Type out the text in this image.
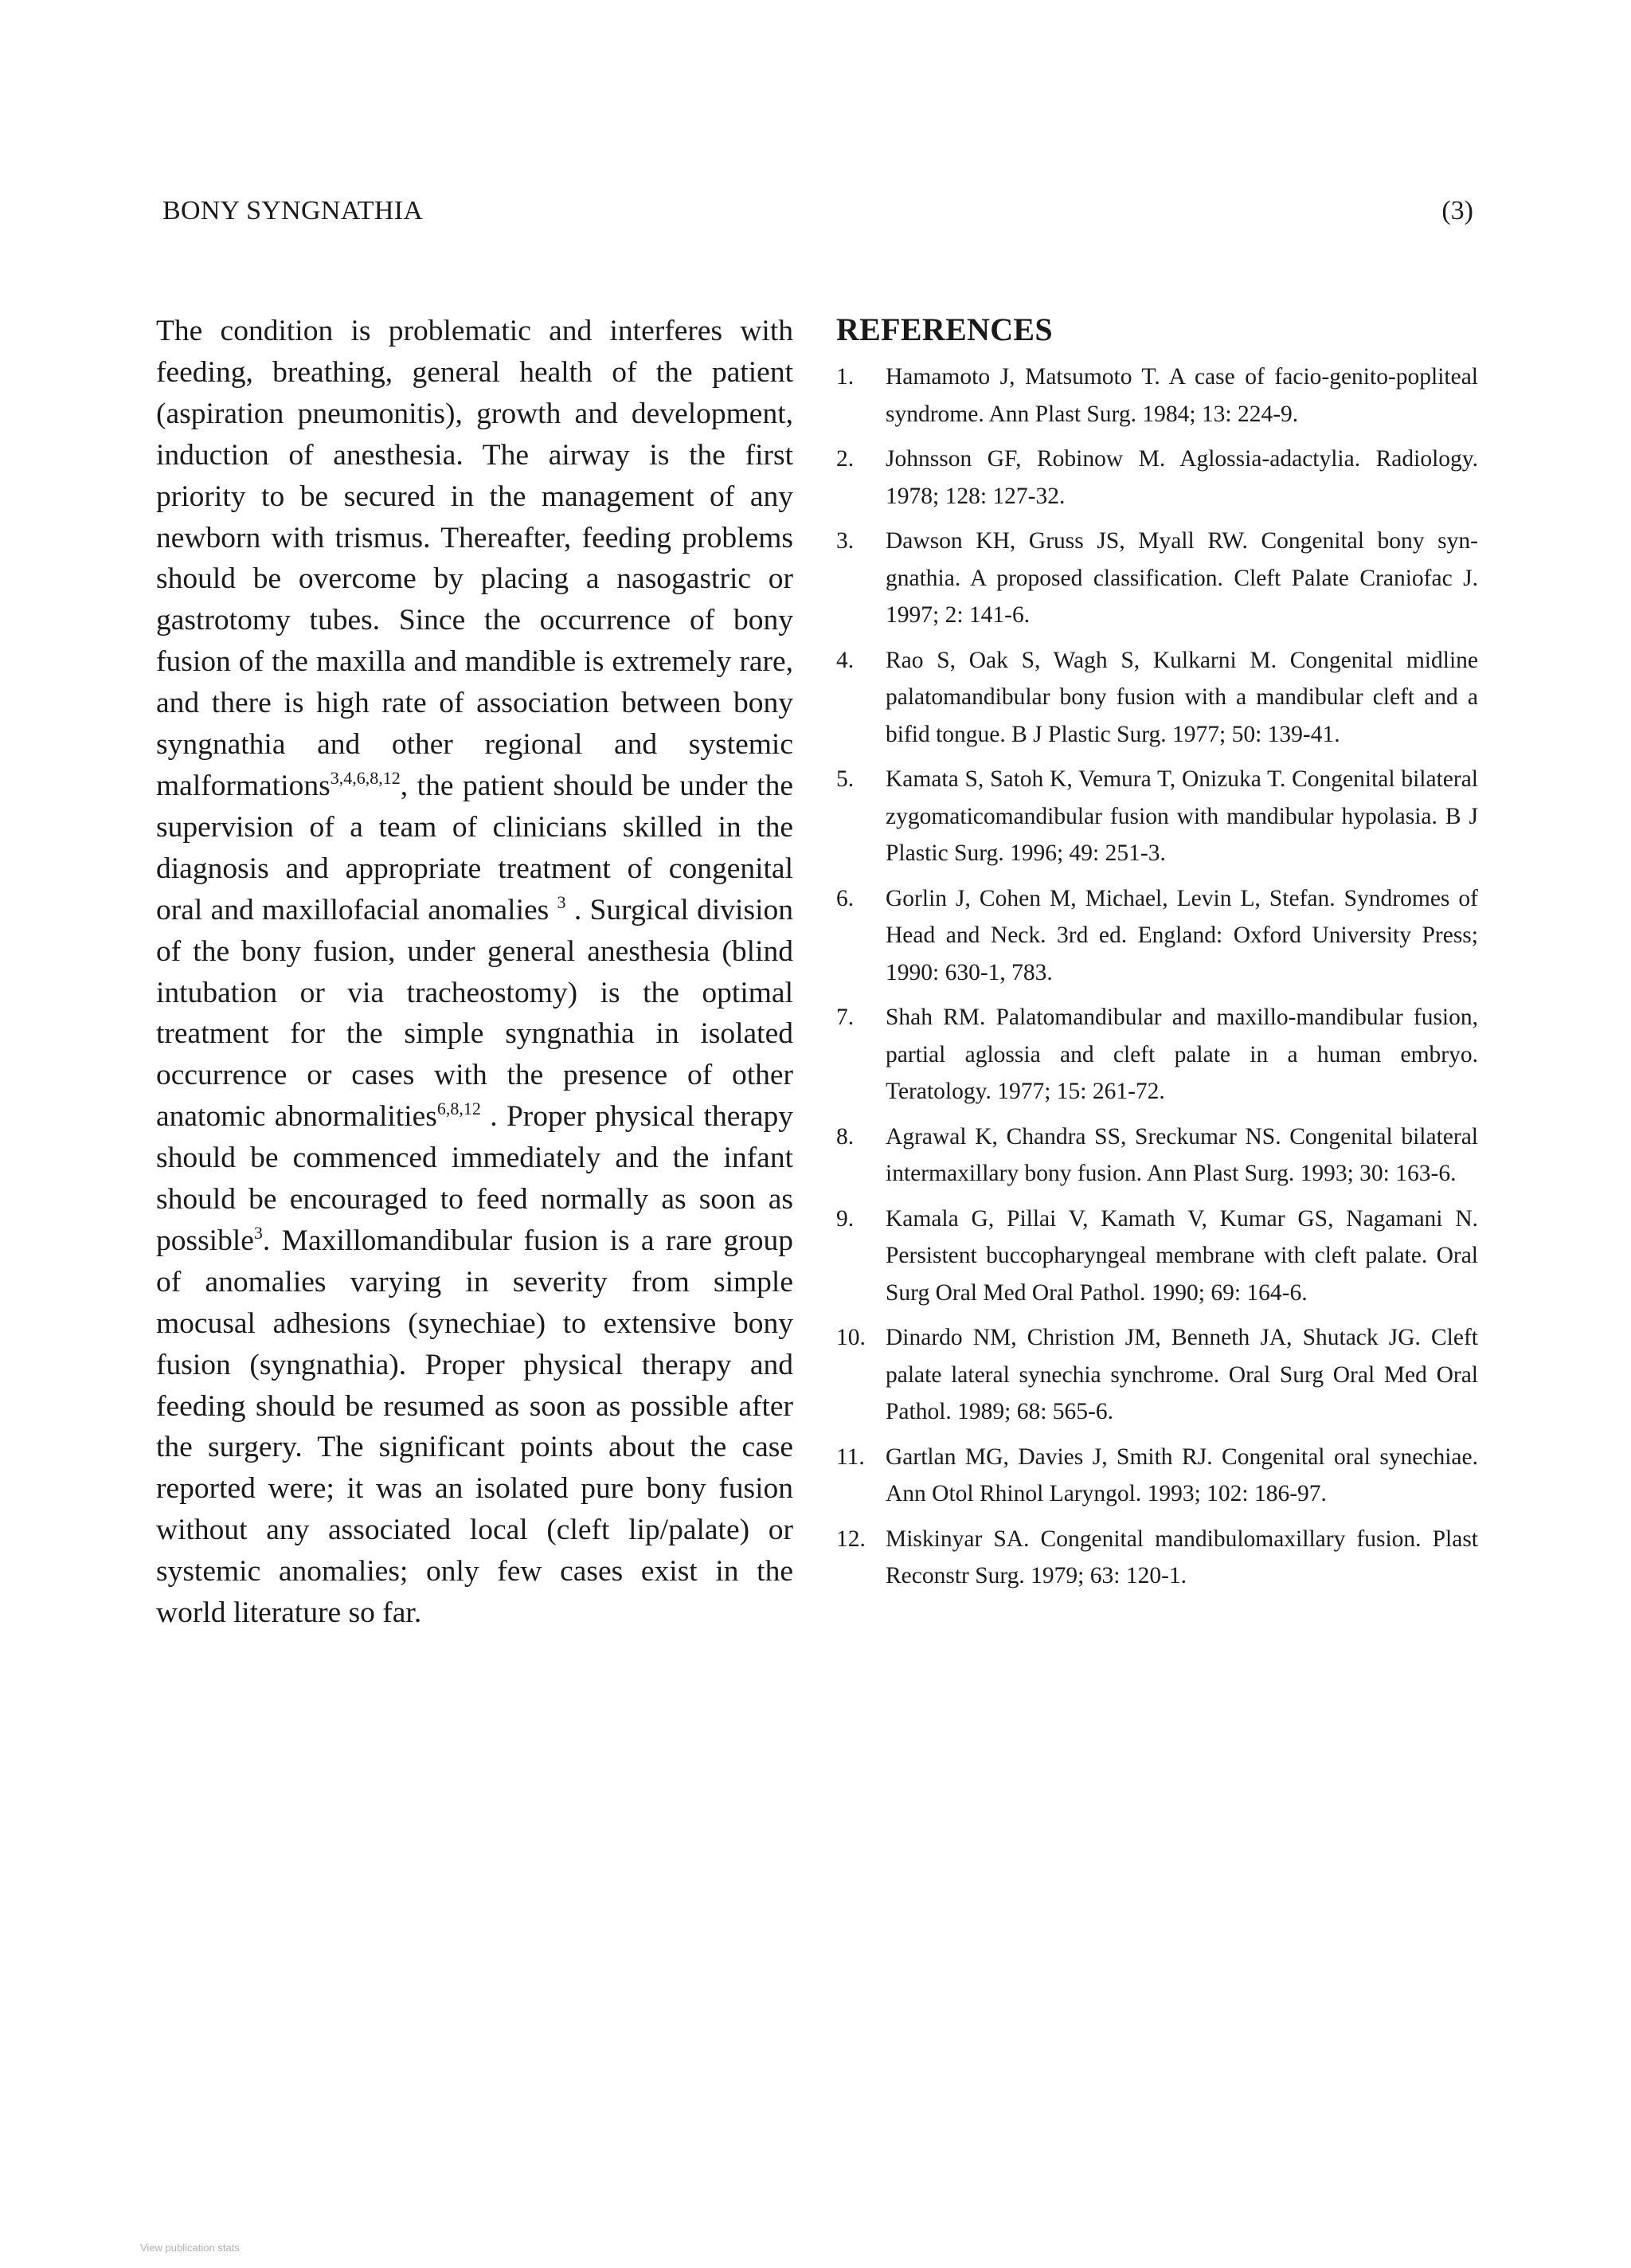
BONY SYNGNATHIA	(3)
The condition is problematic and interferes with feeding, breathing, general health of the patient (aspiration pneumonitis), growth and development, induction of anesthesia. The airway is the first priority to be secured in the management of any newborn with trismus. Thereafter, feeding problems should be overcome by placing a nasogastric or gastrotomy tubes. Since the occurrence of bony fusion of the maxilla and mandible is extremely rare, and there is high rate of association between bony syngnathia and other regional and systemic malformations$^{3,4,6,8,12}$, the patient should be under the supervision of a team of clinicians skilled in the diagnosis and appropriate treatment of congenital oral and maxillofacial anomalies $^3$ . Surgical division of the bony fusion, under general anesthesia (blind intubation or via tracheostomy) is the optimal treatment for the simple syngnathia in isolated occurrence or cases with the presence of other anatomic abnormalities$^{6,8,12}$ . Proper physical therapy should be commenced immediately and the infant should be encouraged to feed normally as soon as possible$^3$. Maxillomandibular fusion is a rare group of anomalies varying in severity from simple mocusal adhesions (synechiae) to extensive bony fusion (syngnathia). Proper physical therapy and feeding should be resumed as soon as possible after the surgery. The significant points about the case reported were; it was an isolated pure bony fusion without any associated local (cleft lip/palate) or systemic anomalies; only few cases exist in the world literature so far.
REFERENCES
1. Hamamoto J, Matsumoto T. A case of facio-genito-popliteal syndrome. Ann Plast Surg. 1984; 13: 224-9.
2. Johnsson GF, Robinow M. Aglossia-adactylia. Radiology. 1978; 128: 127-32.
3. Dawson KH, Gruss JS, Myall RW. Congenital bony syngnathia. A proposed classification. Cleft Palate Craniofac J. 1997; 2: 141-6.
4. Rao S, Oak S, Wagh S, Kulkarni M. Congenital midline palatomandibular bony fusion with a mandibular cleft and a bifid tongue. B J Plastic Surg. 1977; 50: 139-41.
5. Kamata S, Satoh K, Vemura T, Onizuka T. Congenital bilateral zygomaticomandibular fusion with mandibular hypolasia. B J Plastic Surg. 1996; 49: 251-3.
6. Gorlin J, Cohen M, Michael, Levin L, Stefan. Syndromes of Head and Neck. 3rd ed. England: Oxford University Press; 1990: 630-1, 783.
7. Shah RM. Palatomandibular and maxillo-mandibular fusion, partial aglossia and cleft palate in a human embryo. Teratology. 1977; 15: 261-72.
8. Agrawal K, Chandra SS, Sreckumar NS. Congenital bilateral intermaxillary bony fusion. Ann Plast Surg. 1993; 30: 163-6.
9. Kamala G, Pillai V, Kamath V, Kumar GS, Nagamani N. Persistent buccopharyngeal membrane with cleft palate. Oral Surg Oral Med Oral Pathol. 1990; 69: 164-6.
10. Dinardo NM, Christion JM, Benneth JA, Shutack JG. Cleft palate lateral synechia synchrome. Oral Surg Oral Med Oral Pathol. 1989; 68: 565-6.
11. Gartlan MG, Davies J, Smith RJ. Congenital oral synechiae. Ann Otol Rhinol Laryngol. 1993; 102: 186-97.
12. Miskinyar SA. Congenital mandibulomaxillary fusion. Plast Reconstr Surg. 1979; 63: 120-1.
View publication stats
